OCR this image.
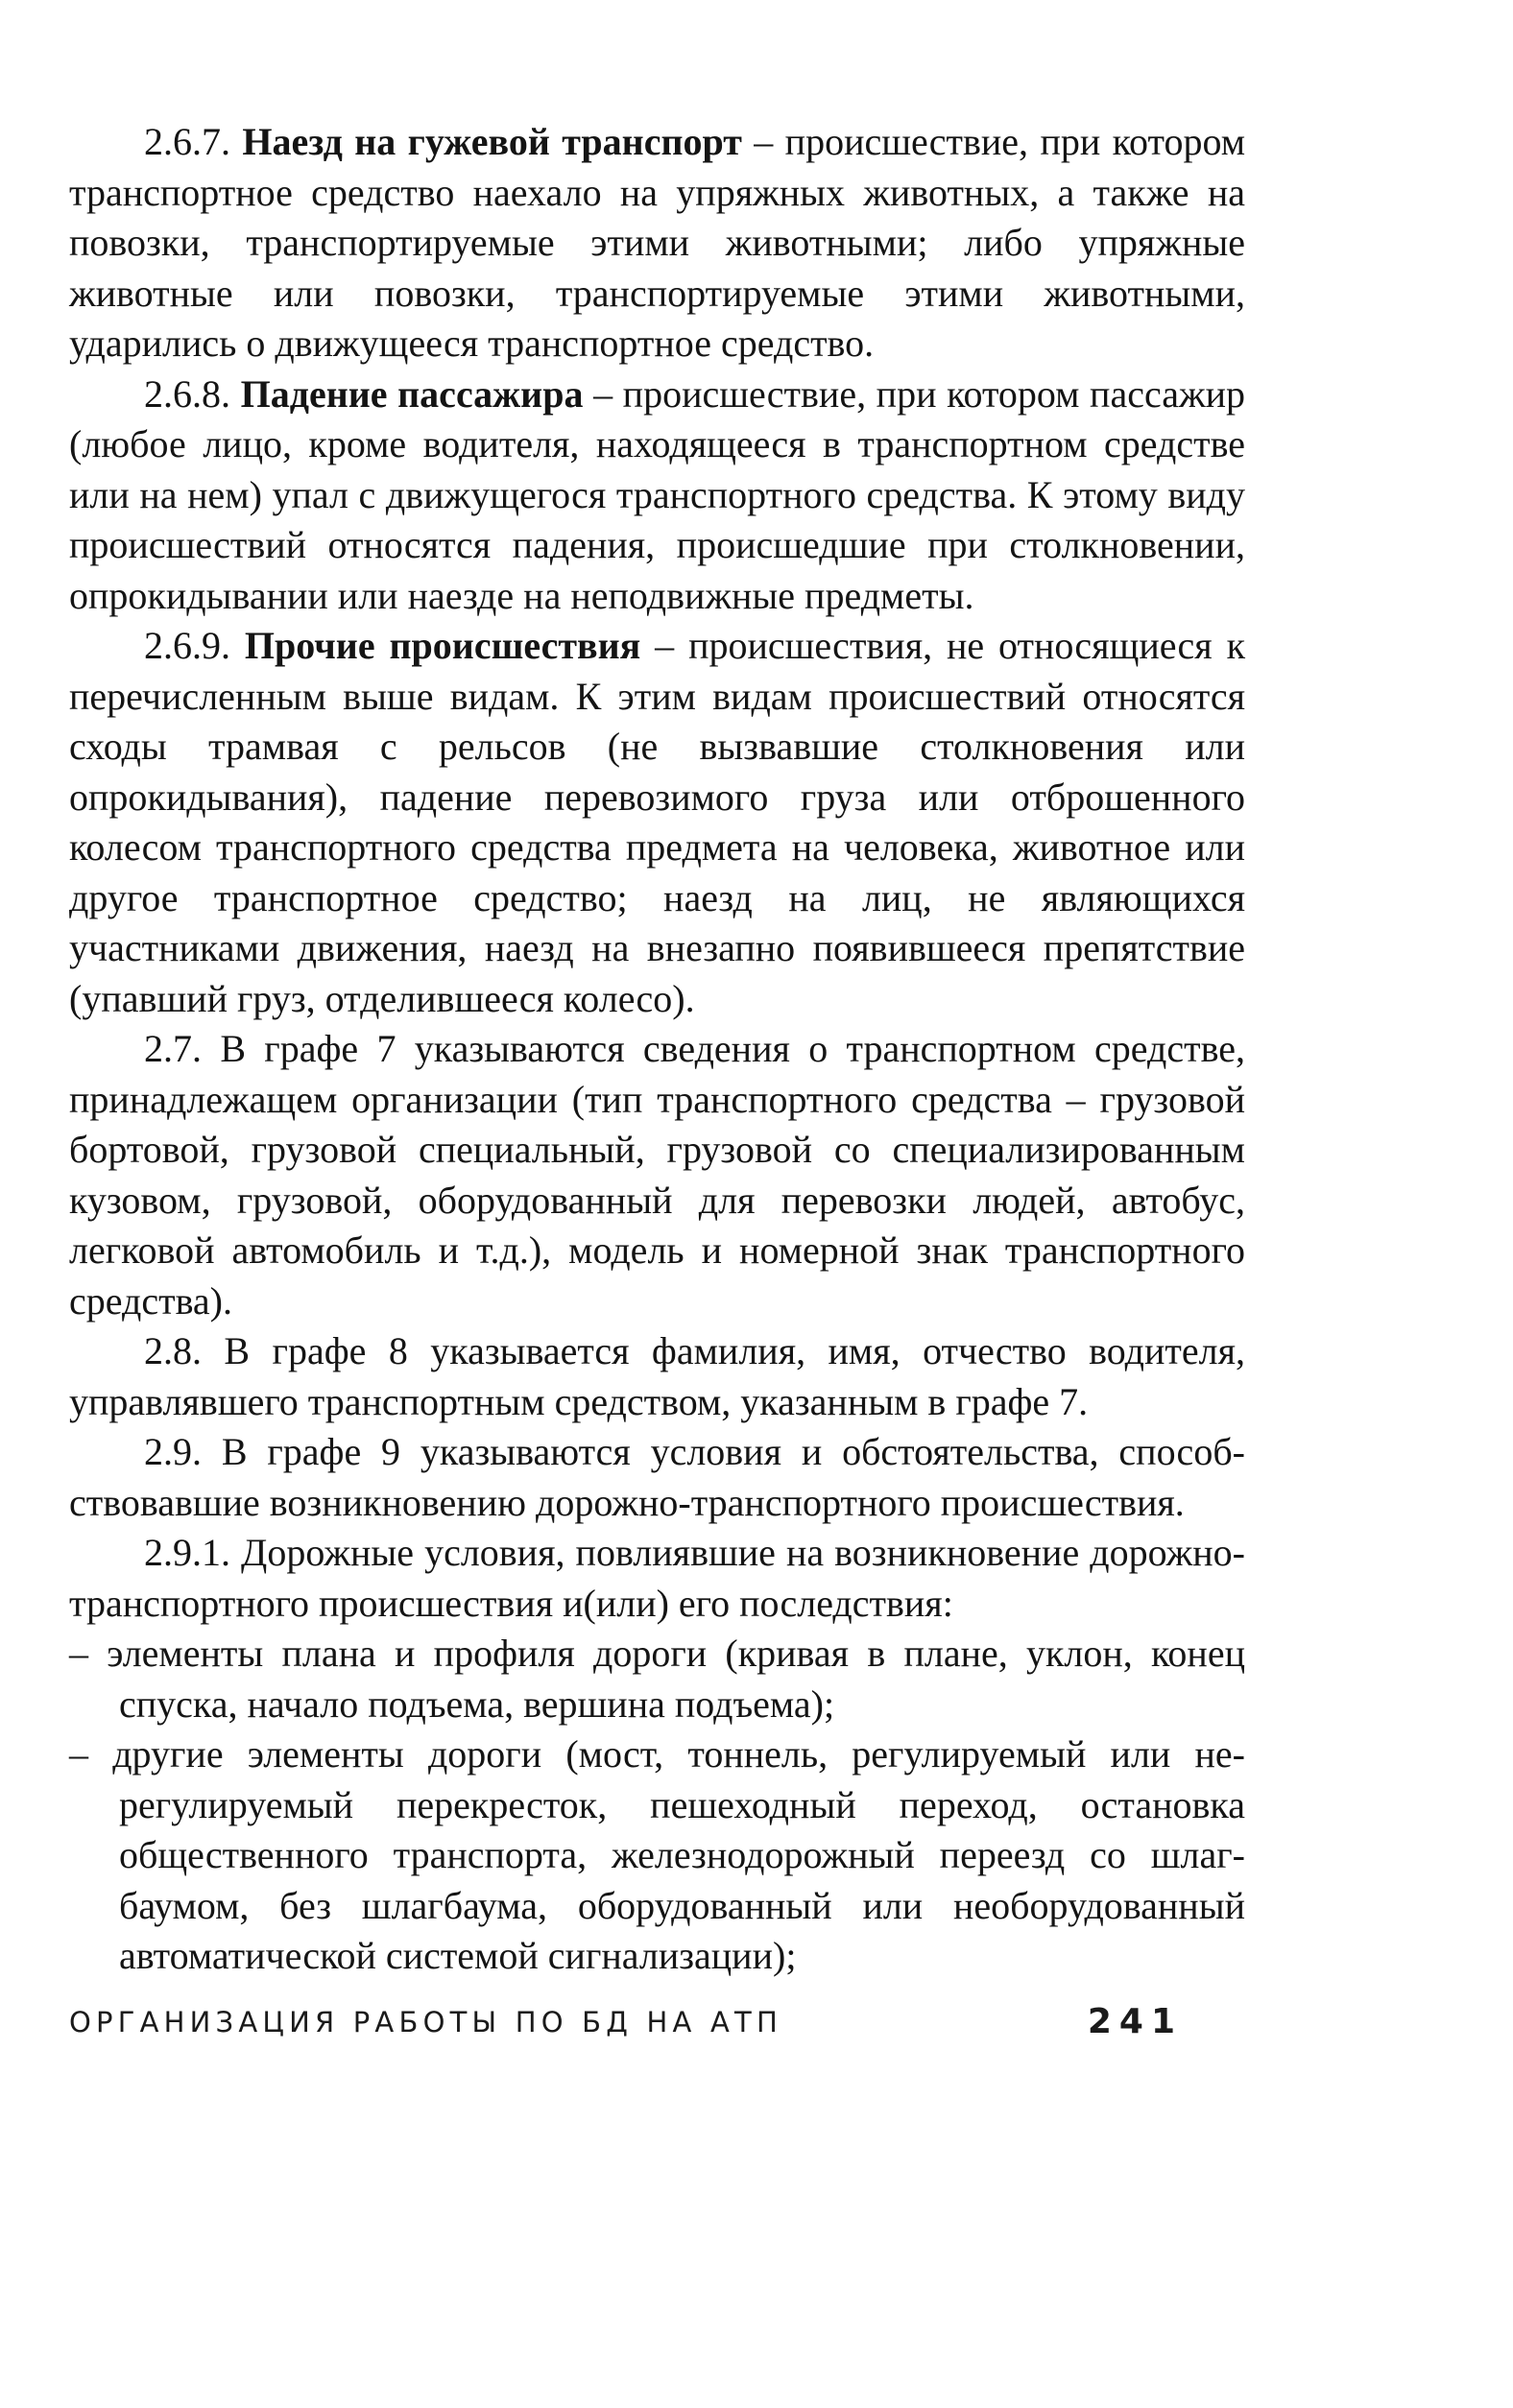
2.6.7. Наезд на гужевой транспорт – происшествие, при котором транспортное средство наехало на упряжных животных, а также на повозки, транспортируемые этими животными; либо упряжные животные или повозки, транспортируемые этими животными, ударились о движущееся транспортное средство.

2.6.8. Падение пассажира – происшествие, при котором пассажир (любое лицо, кроме водителя, находящееся в транспортном средстве или на нем) упал с движущегося транспортного средства. К этому виду происшествий относятся падения, происшедшие при столкновении, опрокидывании или наезде на неподвижные предметы.

2.6.9. Прочие происшествия – происшествия, не относящиеся к перечисленным выше видам. К этим видам происшествий относятся сходы трамвая с рельсов (не вызвавшие столкновения или опрокидывания), падение перевозимого груза или отброшенного колесом транспортного средства предмета на человека, животное или другое транспортное средство; наезд на лиц, не являющихся участниками движения, наезд на внезапно появившееся препятствие (упавший груз, отделившееся колесо).

2.7. В графе 7 указываются сведения о транспортном средстве, принадлежащем организации (тип транспортного средства – грузовой бортовой, грузовой специальный, грузовой со специализированным кузовом, грузовой, оборудованный для перевозки людей, автобус, легковой автомобиль и т.д.), модель и номерной знак транспортного средства).

2.8. В графе 8 указывается фамилия, имя, отчество водителя, управлявшего транспортным средством, указанным в графе 7.

2.9. В графе 9 указываются условия и обстоятельства, способствовавшие возникновению дорожно-транспортного происшествия.

2.9.1. Дорожные условия, повлиявшие на возникновение дорожно-транспортного происшествия и(или) его последствия:

– элементы плана и профиля дороги (кривая в плане, уклон, конец спуска, начало подъема, вершина подъема);

– другие элементы дороги (мост, тоннель, регулируемый или нерегулируемый перекресток, пешеходный переход, остановка общественного транспорта, железнодорожный переезд со шлагбаумом, без шлагбаума, оборудованный или необорудованный автоматической системой сигнализации);

ОРГАНИЗАЦИЯ РАБОТЫ ПО БД НА АТП	241
